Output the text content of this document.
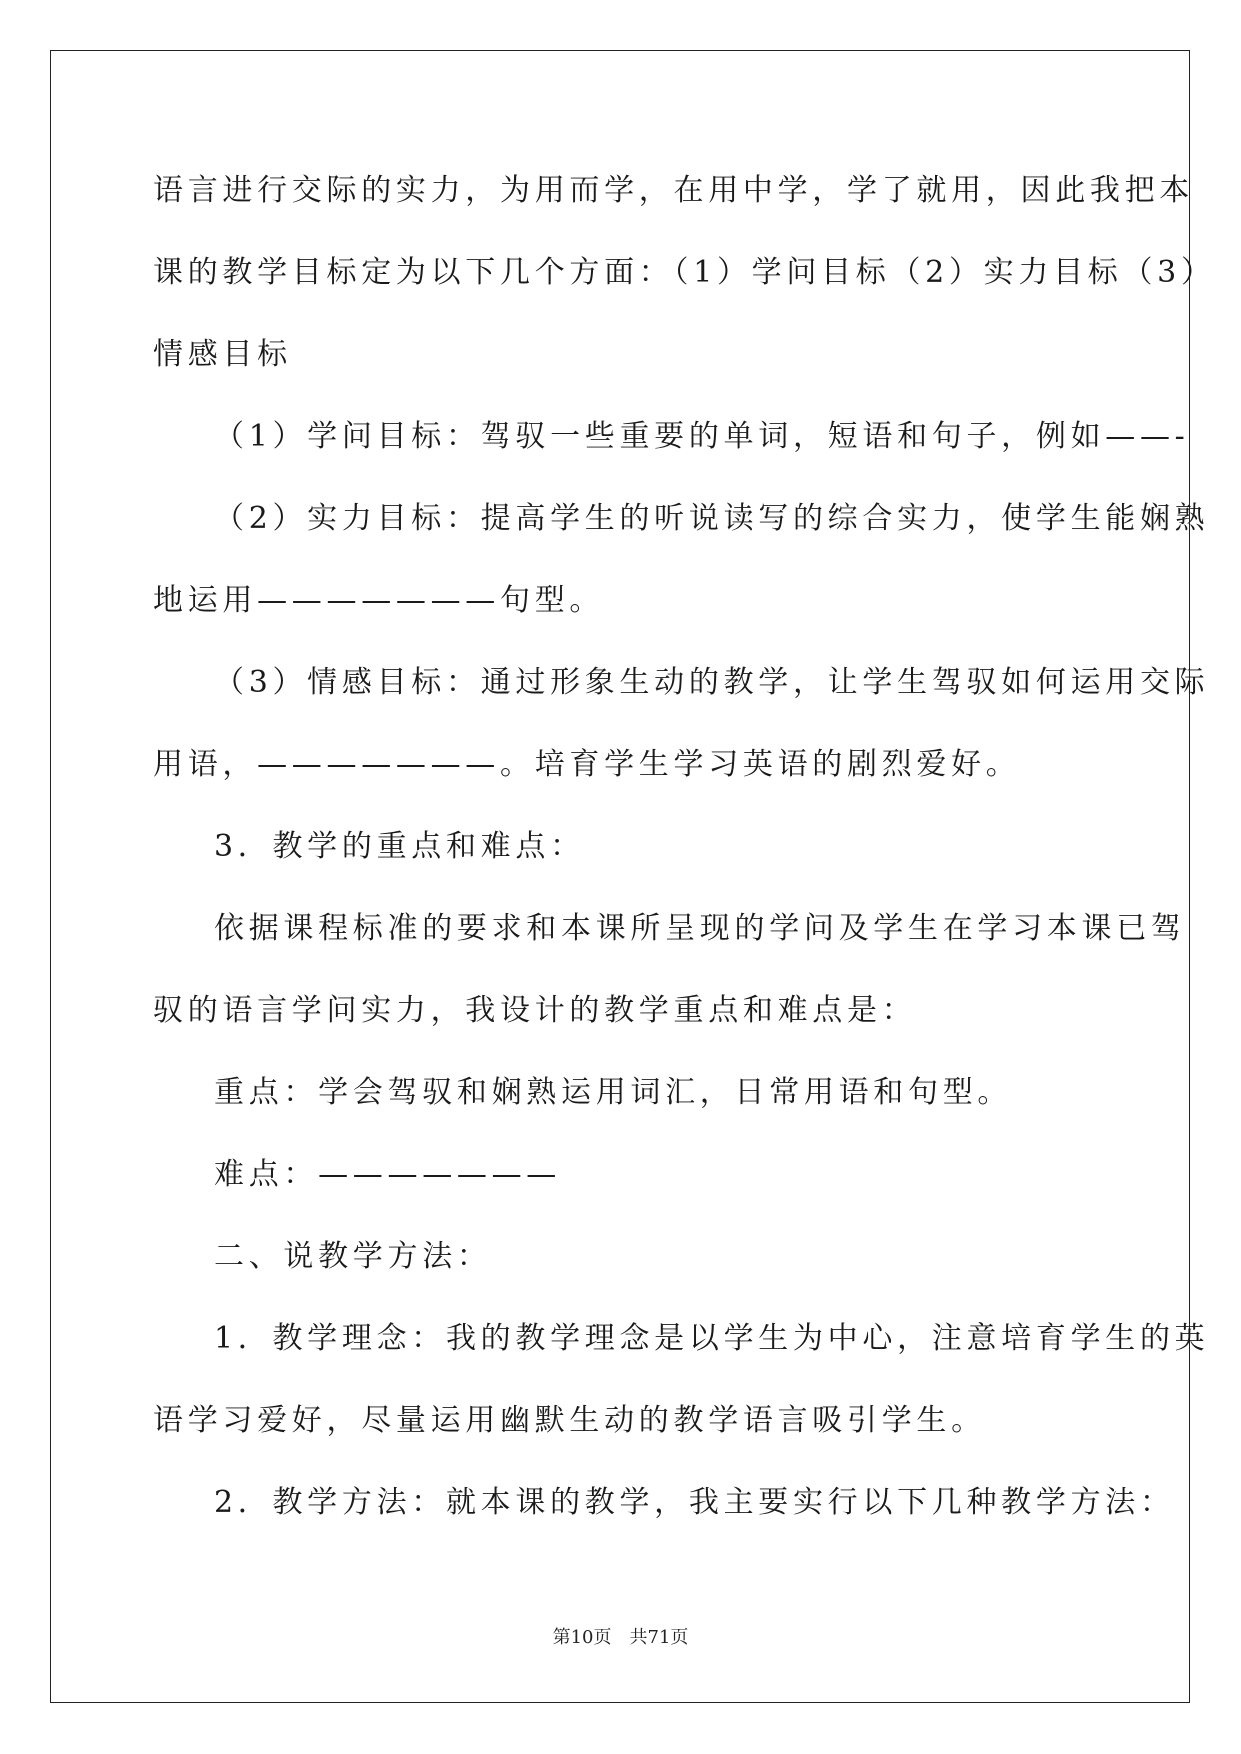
语言进行交际的实力，为用而学，在用中学，学了就用，因此我把本
课的教学目标定为以下几个方面：（1）学问目标（2）实力目标（3）
情感目标
（1）学问目标：驾驭一些重要的单词，短语和句子，例如——-
（2）实力目标：提高学生的听说读写的综合实力，使学生能娴熟
地运用———————句型。
（3）情感目标：通过形象生动的教学，让学生驾驭如何运用交际
用语，———————。培育学生学习英语的剧烈爱好。
3．教学的重点和难点：
依据课程标准的要求和本课所呈现的学问及学生在学习本课已驾
驭的语言学问实力，我设计的教学重点和难点是：
重点：学会驾驭和娴熟运用词汇，日常用语和句型。
难点：———————
二、说教学方法：
1．教学理念：我的教学理念是以学生为中心，注意培育学生的英
语学习爱好，尽量运用幽默生动的教学语言吸引学生。
2．教学方法：就本课的教学，我主要实行以下几种教学方法：
第10页 共71页
